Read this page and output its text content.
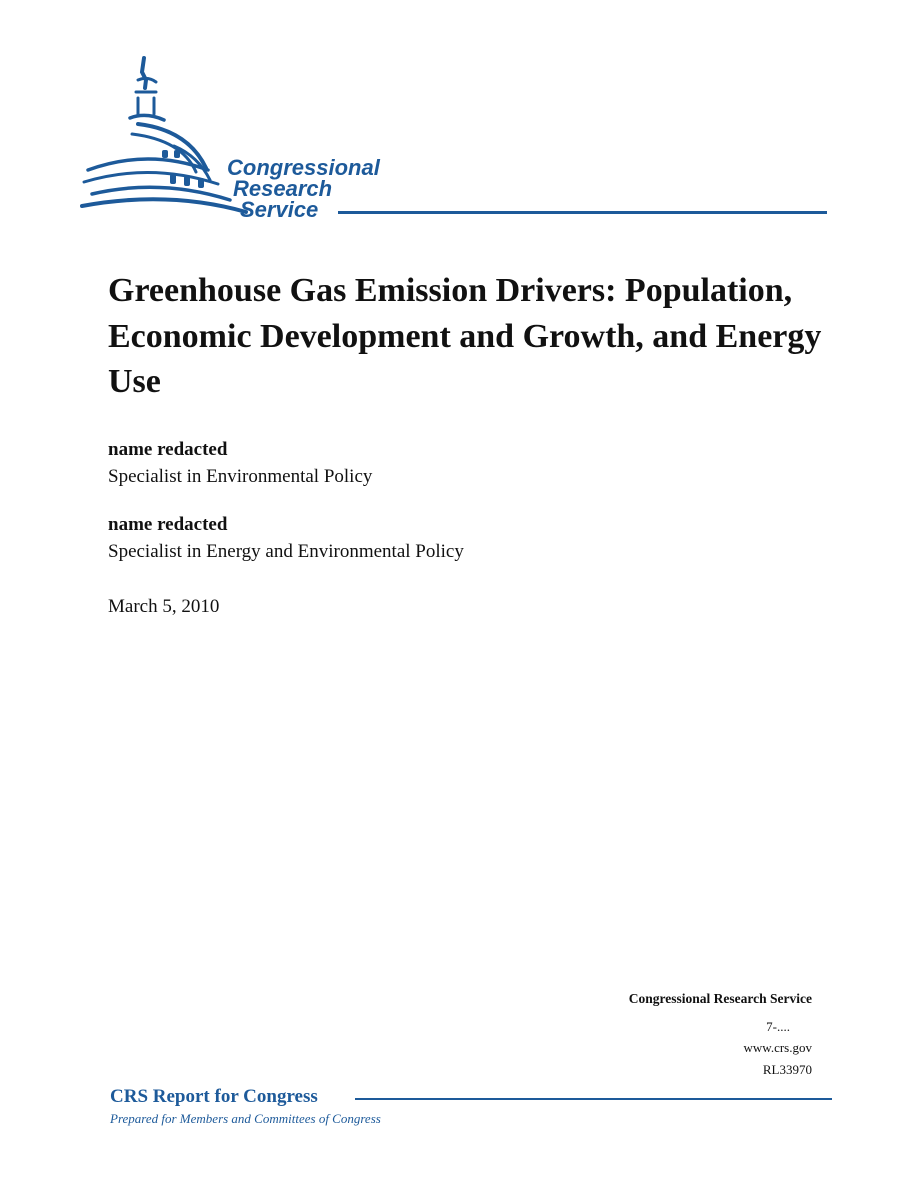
Congressional
Research
Service
Greenhouse Gas Emission Drivers: Population, Economic Development and Growth, and Energy Use
name redacted
Specialist in Environmental Policy
name redacted
Specialist in Energy and Environmental Policy
March 5, 2010
Congressional Research Service
7-....
www.crs.gov
RL33970
CRS Report for Congress
Prepared for Members and Committees of Congress
